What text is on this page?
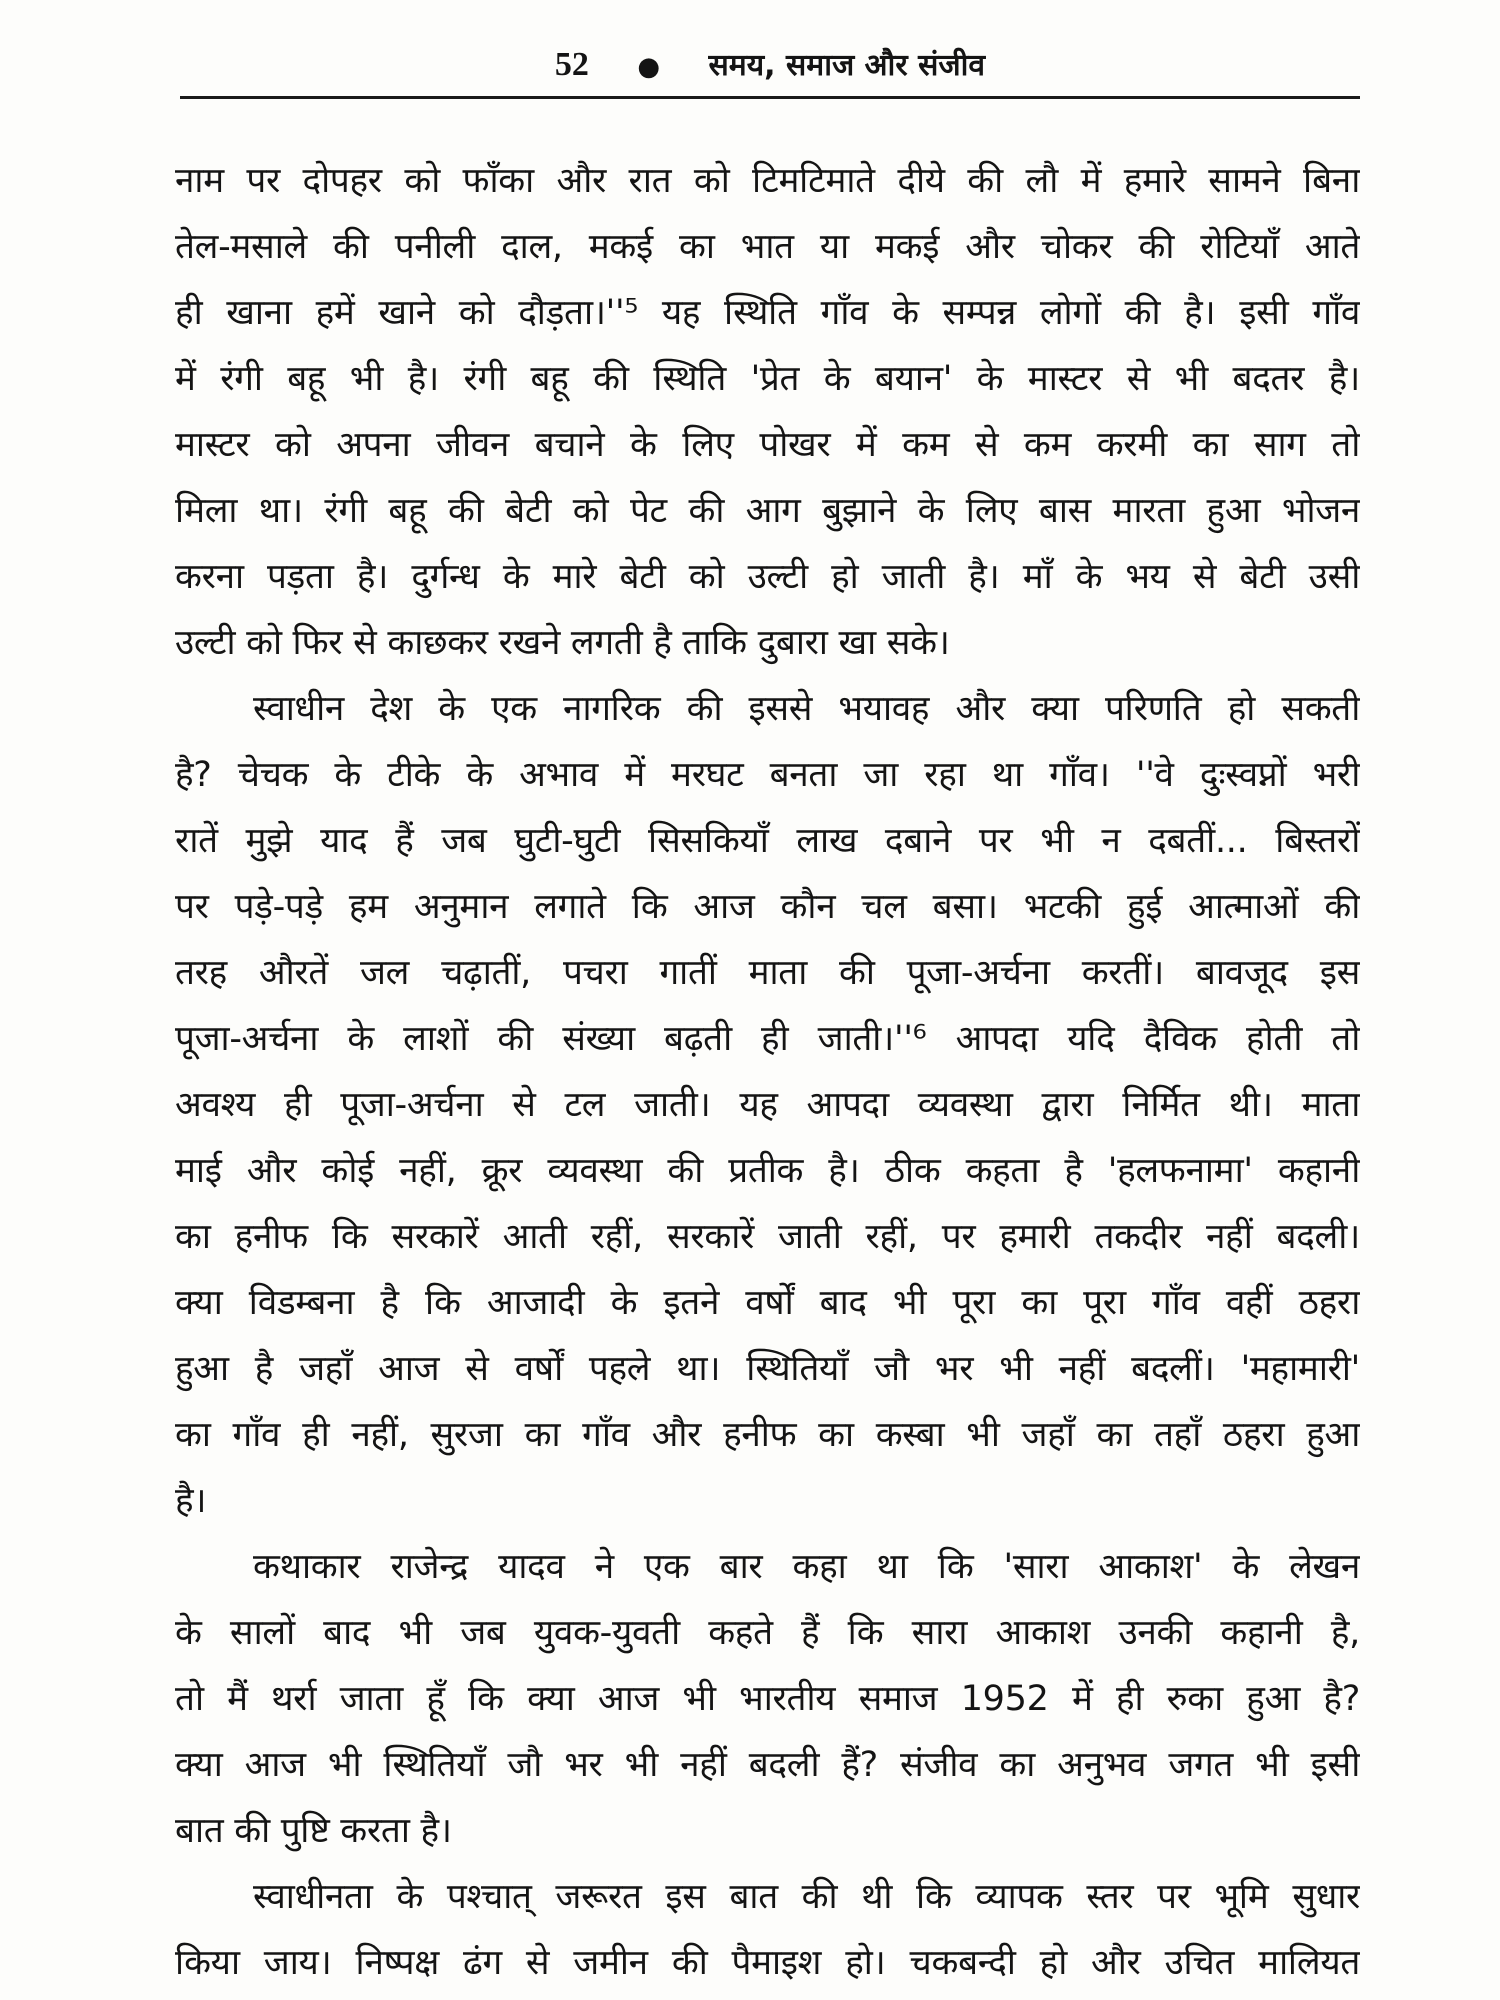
52 ● समय, समाज और संजीव
नाम पर दोपहर को फाँका और रात को टिमटिमाते दीये की लौ में हमारे सामने बिना
तेल-मसाले की पनीली दाल, मकई का भात या मकई और चोकर की रोटियाँ आते
ही खाना हमें खाने को दौड़ता।''⁵ यह स्थिति गाँव के सम्पन्न लोगों की है। इसी गाँव
में रंगी बहू भी है। रंगी बहू की स्थिति 'प्रेत के बयान' के मास्टर से भी बदतर है।
मास्टर को अपना जीवन बचाने के लिए पोखर में कम से कम करमी का साग तो
मिला था। रंगी बहू की बेटी को पेट की आग बुझाने के लिए बास मारता हुआ भोजन
करना पड़ता है। दुर्गन्ध के मारे बेटी को उल्टी हो जाती है। माँ के भय से बेटी उसी
उल्टी को फिर से काछकर रखने लगती है ताकि दुबारा खा सके।
स्वाधीन देश के एक नागरिक की इससे भयावह और क्या परिणति हो सकती
है? चेचक के टीके के अभाव में मरघट बनता जा रहा था गाँव। ''वे दुःस्वप्नों भरी
रातें मुझे याद हैं जब घुटी-घुटी सिसकियाँ लाख दबाने पर भी न दबतीं... बिस्तरों
पर पड़े-पड़े हम अनुमान लगाते कि आज कौन चल बसा। भटकी हुई आत्माओं की
तरह औरतें जल चढ़ातीं, पचरा गातीं माता की पूजा-अर्चना करतीं। बावजूद इस
पूजा-अर्चना के लाशों की संख्या बढ़ती ही जाती।''⁶ आपदा यदि दैविक होती तो
अवश्य ही पूजा-अर्चना से टल जाती। यह आपदा व्यवस्था द्वारा निर्मित थी। माता
माई और कोई नहीं, क्रूर व्यवस्था की प्रतीक है। ठीक कहता है 'हलफनामा' कहानी
का हनीफ कि सरकारें आती रहीं, सरकारें जाती रहीं, पर हमारी तकदीर नहीं बदली।
क्या विडम्बना है कि आजादी के इतने वर्षों बाद भी पूरा का पूरा गाँव वहीं ठहरा
हुआ है जहाँ आज से वर्षों पहले था। स्थितियाँ जौ भर भी नहीं बदलीं। 'महामारी'
का गाँव ही नहीं, सुरजा का गाँव और हनीफ का कस्बा भी जहाँ का तहाँ ठहरा हुआ
है।
कथाकार राजेन्द्र यादव ने एक बार कहा था कि 'सारा आकाश' के लेखन
के सालों बाद भी जब युवक-युवती कहते हैं कि सारा आकाश उनकी कहानी है,
तो मैं थर्रा जाता हूँ कि क्या आज भी भारतीय समाज 1952 में ही रुका हुआ है?
क्या आज भी स्थितियाँ जौ भर भी नहीं बदली हैं? संजीव का अनुभव जगत भी इसी
बात की पुष्टि करता है।
स्वाधीनता के पश्चात् जरूरत इस बात की थी कि व्यापक स्तर पर भूमि सुधार
किया जाय। निष्पक्ष ढंग से जमीन की पैमाइश हो। चकबन्दी हो और उचित मालियत
